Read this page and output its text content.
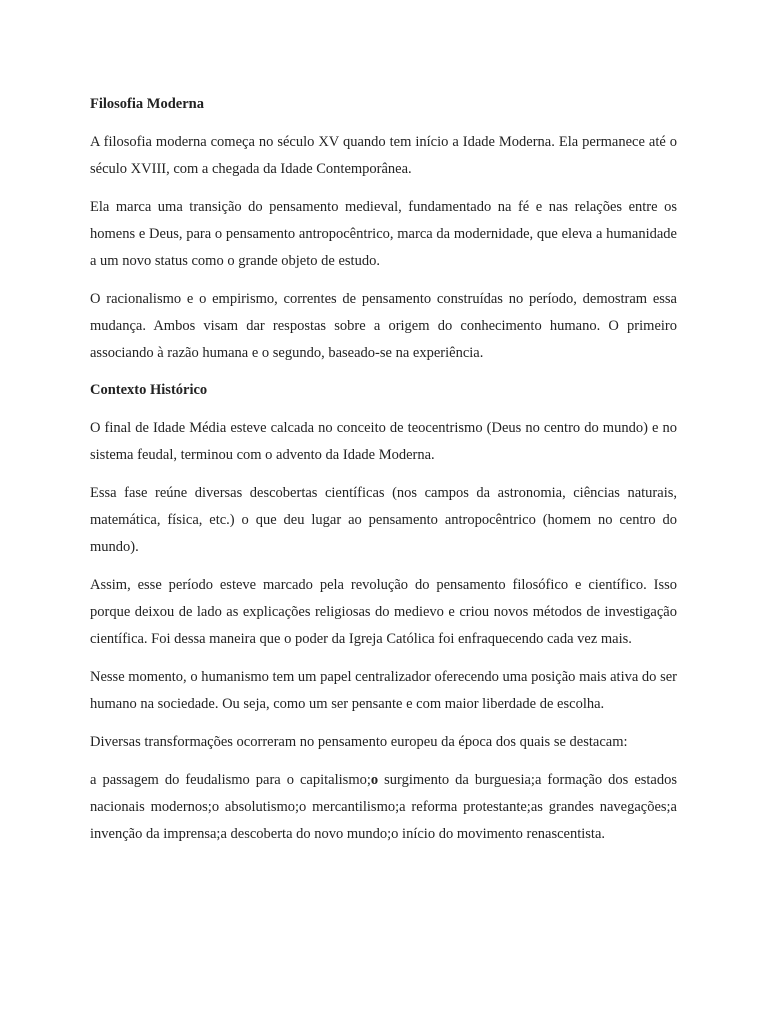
Filosofia Moderna

A filosofia moderna começa no século XV quando tem início a Idade Moderna. Ela permanece até o século XVIII, com a chegada da Idade Contemporânea.

Ela marca uma transição do pensamento medieval, fundamentado na fé e nas relações entre os homens e Deus, para o pensamento antropocêntrico, marca da modernidade, que eleva a humanidade a um novo status como o grande objeto de estudo.

O racionalismo e o empirismo, correntes de pensamento construídas no período, demostram essa mudança. Ambos visam dar respostas sobre a origem do conhecimento humano. O primeiro associando à razão humana e o segundo, baseado-se na experiência.

Contexto Histórico

O final de Idade Média esteve calcada no conceito de teocentrismo (Deus no centro do mundo) e no sistema feudal, terminou com o advento da Idade Moderna.

Essa fase reúne diversas descobertas científicas (nos campos da astronomia, ciências naturais, matemática, física, etc.) o que deu lugar ao pensamento antropocêntrico (homem no centro do mundo).

Assim, esse período esteve marcado pela revolução do pensamento filosófico e científico. Isso porque deixou de lado as explicações religiosas do medievo e criou novos métodos de investigação científica. Foi dessa maneira que o poder da Igreja Católica foi enfraquecendo cada vez mais.

Nesse momento, o humanismo tem um papel centralizador oferecendo uma posição mais ativa do ser humano na sociedade. Ou seja, como um ser pensante e com maior liberdade de escolha.

Diversas transformações ocorreram no pensamento europeu da época dos quais se destacam:

a passagem do feudalismo para o capitalismo;o surgimento da burguesia;a formação dos estados nacionais modernos;o absolutismo;o mercantilismo;a reforma protestante;as grandes navegações;a invenção da imprensa;a descoberta do novo mundo;o início do movimento renascentista.
